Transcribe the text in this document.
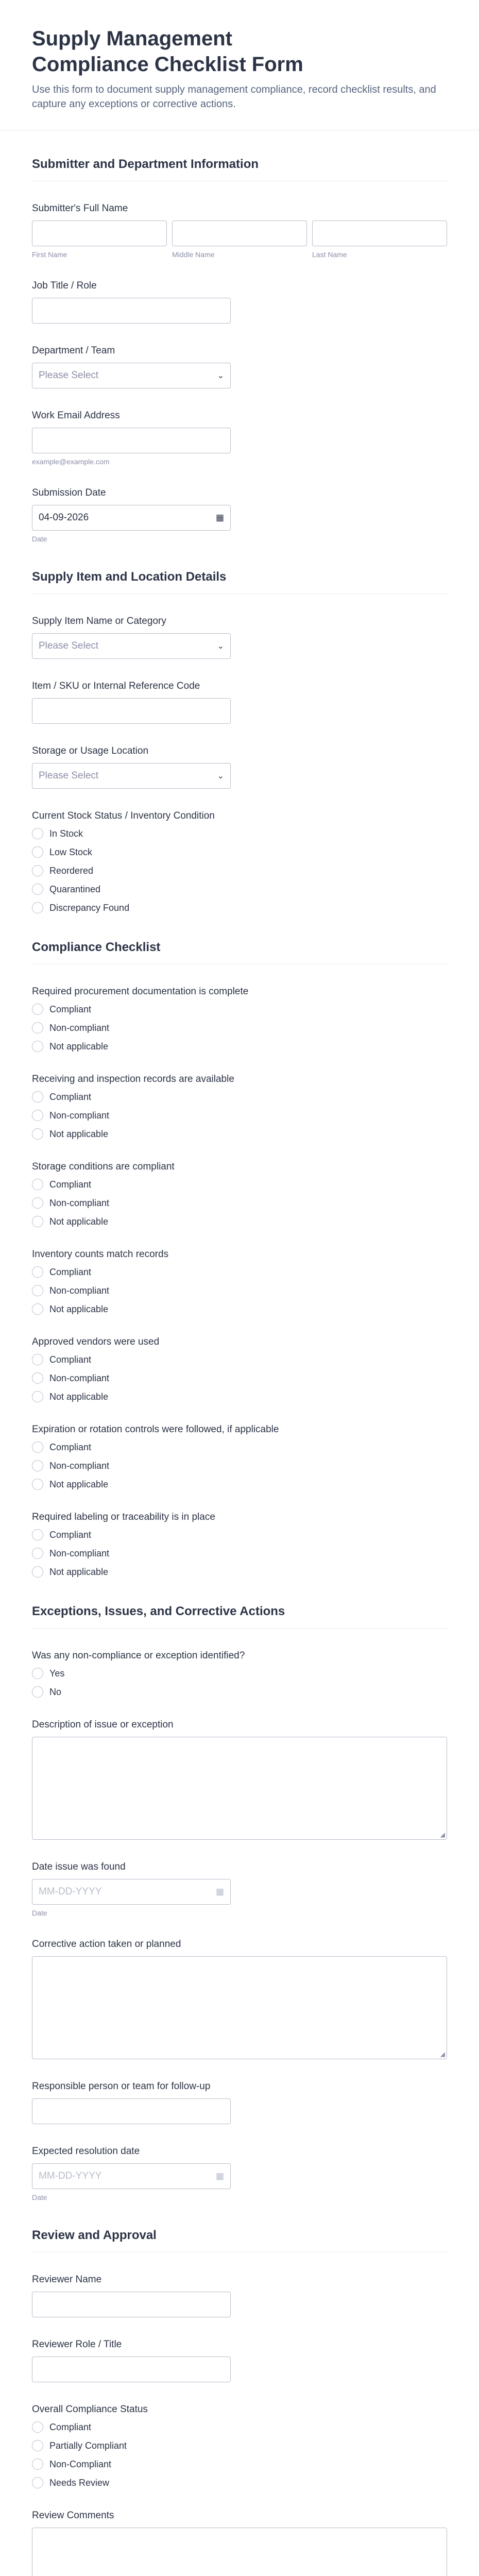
Supply Management Compliance Checklist Form

Use this form to document supply management compliance, record checklist results, and capture any exceptions or corrective actions.

Submitter and Department Information
Submitter's Full Name
First Name	Middle Name	Last Name
Job Title / Role
Department / Team
Please Select	⌄
Work Email Address
example@example.com
Submission Date
04-09-2026	▦
Date
Supply Item and Location Details
Supply Item Name or Category
Please Select	⌄
Item / SKU or Internal Reference Code
Storage or Usage Location
Please Select	⌄
Current Stock Status / Inventory Condition
In Stock
Low Stock
Reordered
Quarantined
Discrepancy Found
Compliance Checklist
Required procurement documentation is complete
Compliant
Non-compliant
Not applicable
Receiving and inspection records are available
Compliant
Non-compliant
Not applicable
Storage conditions are compliant
Compliant
Non-compliant
Not applicable
Inventory counts match records
Compliant
Non-compliant
Not applicable
Approved vendors were used
Compliant
Non-compliant
Not applicable
Expiration or rotation controls were followed, if applicable
Compliant
Non-compliant
Not applicable
Required labeling or traceability is in place
Compliant
Non-compliant
Not applicable
Exceptions, Issues, and Corrective Actions
Was any non-compliance or exception identified?
Yes
No
Description of issue or exception
◢
Date issue was found
MM-DD-YYYY	▦
Date
Corrective action taken or planned
◢
Responsible person or team for follow-up
Expected resolution date
MM-DD-YYYY	▦
Date
Review and Approval
Reviewer Name
Reviewer Role / Title
Overall Compliance Status
Compliant
Partially Compliant
Non-Compliant
Needs Review
Review Comments
